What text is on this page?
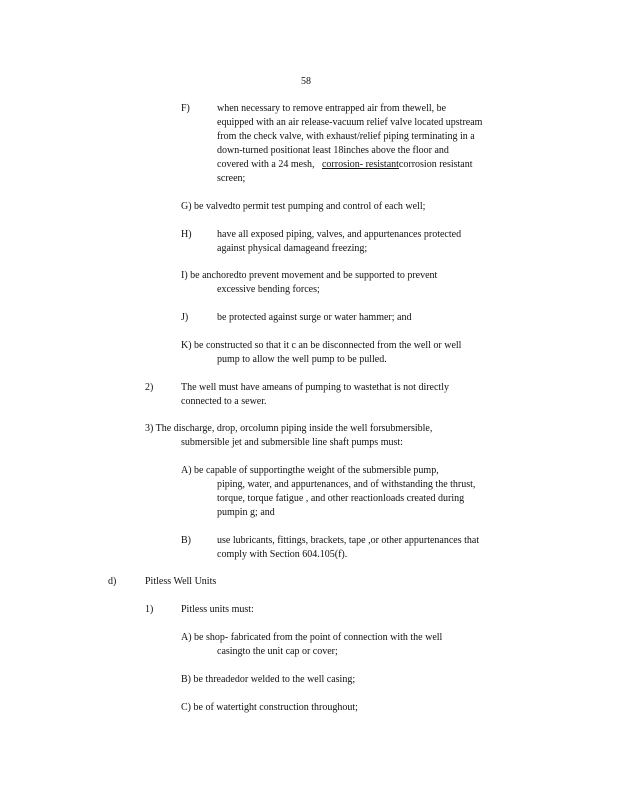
58
F)	when necessary to remove entrapped air from thewell, be
equipped with an air release-vacuum relief valve located upstream
from the check valve, with exhaust/relief piping terminating in a
down-turned positionat least 18inches above the floor and
covered with a 24 mesh, corrosion- resistantcorrosion resistant
screen;
G) be valvedto permit test pumping and control of each well;
H)	have all exposed piping, valves, and appurtenances protected
against physical damageand freezing;
I) be anchoredto prevent movement and be supported to prevent
excessive bending forces;
J)	be protected against surge or water hammer; and
K) be constructed so that it c an be disconnected from the well or well
pump to allow the well pump to be pulled.
2)	The well must have ameans of pumping to wastethat is not directly
connected to a sewer.
3) The discharge, drop, orcolumn piping inside the well forsubmersible,
submersible jet and submersible line shaft pumps must:
A) be capable of supportingthe weight of the submersible pump,
piping, water, and appurtenances, and of withstanding the thrust,
torque, torque fatigue , and other reactionloads created during
pumpin g; and
B)	use lubricants, fittings, brackets, tape ,or other appurtenances that
comply with Section 604.105(f).
d)	Pitless Well Units
1)	Pitless units must:
A) be shop- fabricated from the point of connection with the well
casingto the unit cap or cover;
B) be threadedor welded to the well casing;
C) be of watertight construction throughout;
